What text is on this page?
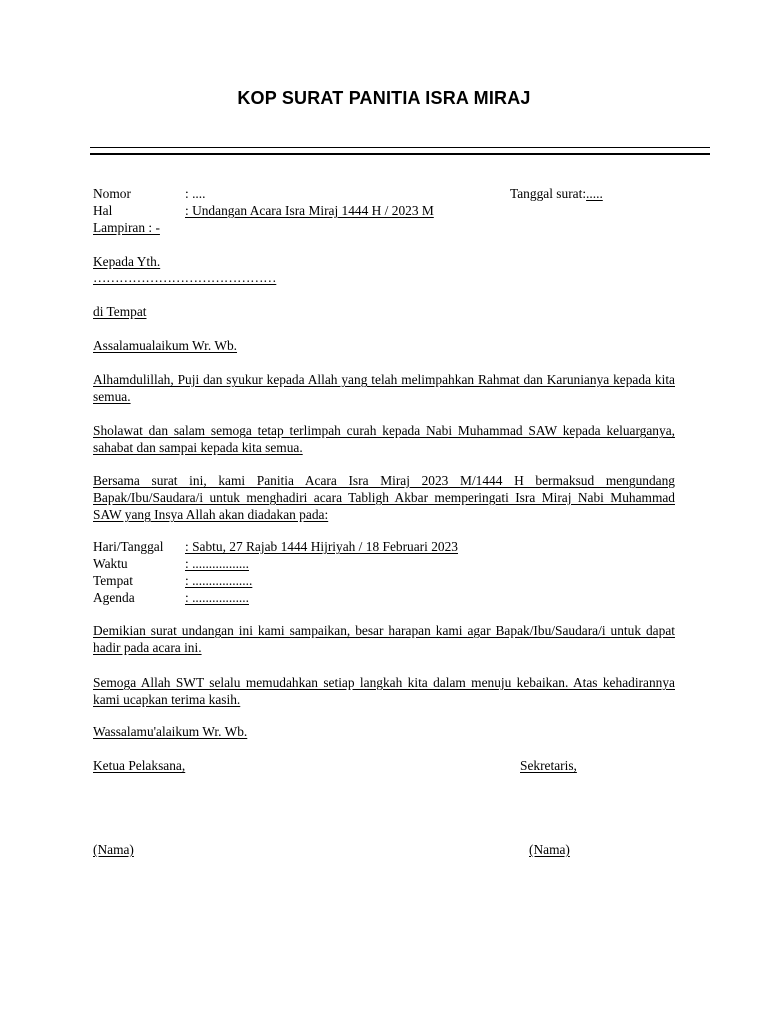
KOP SURAT PANITIA ISRA MIRAJ
Nomor	: ....	Tanggal surat:.....
Hal	: Undangan Acara Isra Miraj 1444 H / 2023 M
Lampiran : -
Kepada Yth.
……………………………………
di Tempat
Assalamualaikum Wr. Wb.
Alhamdulillah, Puji dan syukur kepada Allah yang telah melimpahkan Rahmat dan Karunianya kepada kita semua.
Sholawat dan salam semoga tetap terlimpah curah kepada Nabi Muhammad SAW kepada keluarganya, sahabat dan sampai kepada kita semua.
Bersama surat ini, kami Panitia Acara Isra Miraj 2023 M/1444 H bermaksud mengundang Bapak/Ibu/Saudara/i untuk menghadiri acara Tabligh Akbar memperingati Isra Miraj Nabi Muhammad SAW yang Insya Allah akan diadakan pada:
Hari/Tanggal : Sabtu, 27 Rajab 1444 Hijriyah / 18 Februari 2023
Waktu	: .................
Tempat	: ..................
Agenda	: .................
Demikian surat undangan ini kami sampaikan, besar harapan kami agar Bapak/Ibu/Saudara/i untuk dapat hadir pada acara ini.
Semoga Allah SWT selalu memudahkan setiap langkah kita dalam menuju kebaikan. Atas kehadirannya kami ucapkan terima kasih.
Wassalamu'alaikum Wr. Wb.
Ketua Pelaksana,	Sekretaris,
(Nama)	(Nama)
